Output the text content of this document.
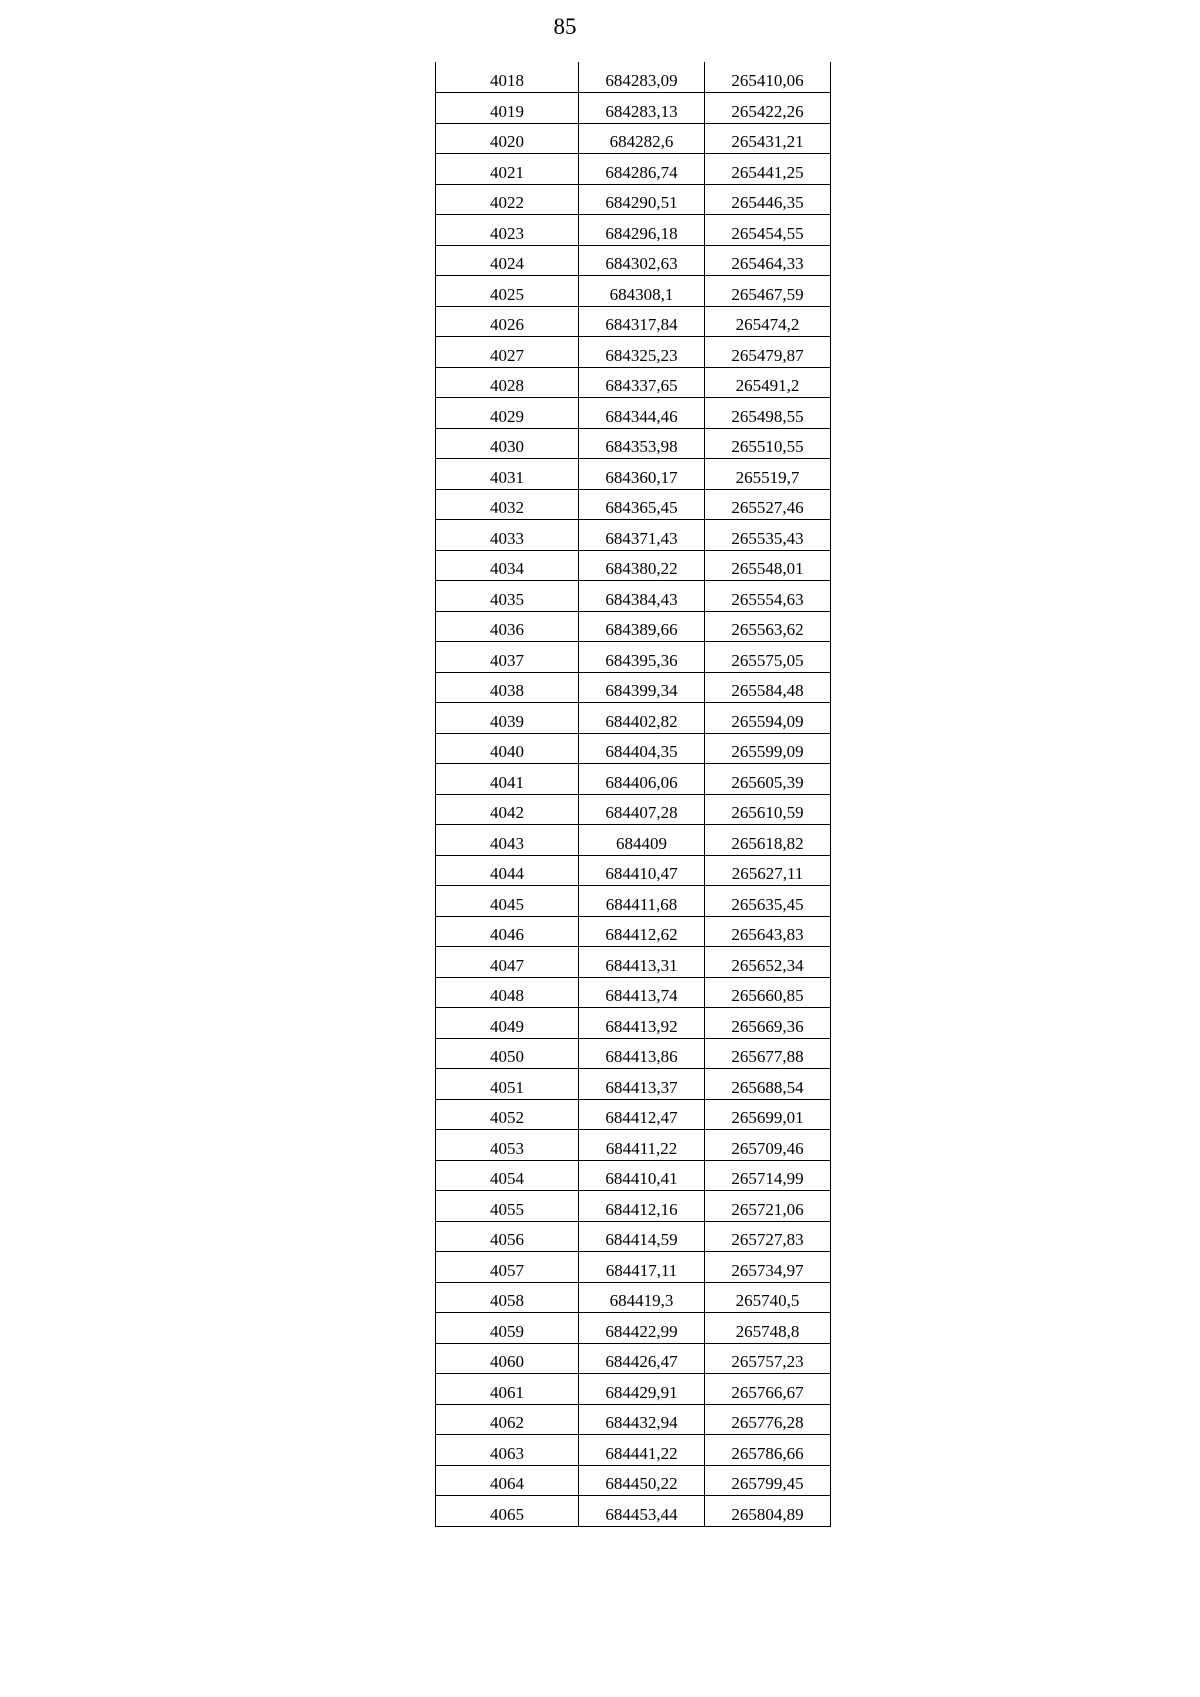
85
4018	684283,09	265410,06
4019	684283,13	265422,26
4020	684282,6	265431,21
4021	684286,74	265441,25
4022	684290,51	265446,35
4023	684296,18	265454,55
4024	684302,63	265464,33
4025	684308,1	265467,59
4026	684317,84	265474,2
4027	684325,23	265479,87
4028	684337,65	265491,2
4029	684344,46	265498,55
4030	684353,98	265510,55
4031	684360,17	265519,7
4032	684365,45	265527,46
4033	684371,43	265535,43
4034	684380,22	265548,01
4035	684384,43	265554,63
4036	684389,66	265563,62
4037	684395,36	265575,05
4038	684399,34	265584,48
4039	684402,82	265594,09
4040	684404,35	265599,09
4041	684406,06	265605,39
4042	684407,28	265610,59
4043	684409	265618,82
4044	684410,47	265627,11
4045	684411,68	265635,45
4046	684412,62	265643,83
4047	684413,31	265652,34
4048	684413,74	265660,85
4049	684413,92	265669,36
4050	684413,86	265677,88
4051	684413,37	265688,54
4052	684412,47	265699,01
4053	684411,22	265709,46
4054	684410,41	265714,99
4055	684412,16	265721,06
4056	684414,59	265727,83
4057	684417,11	265734,97
4058	684419,3	265740,5
4059	684422,99	265748,8
4060	684426,47	265757,23
4061	684429,91	265766,67
4062	684432,94	265776,28
4063	684441,22	265786,66
4064	684450,22	265799,45
4065	684453,44	265804,89
